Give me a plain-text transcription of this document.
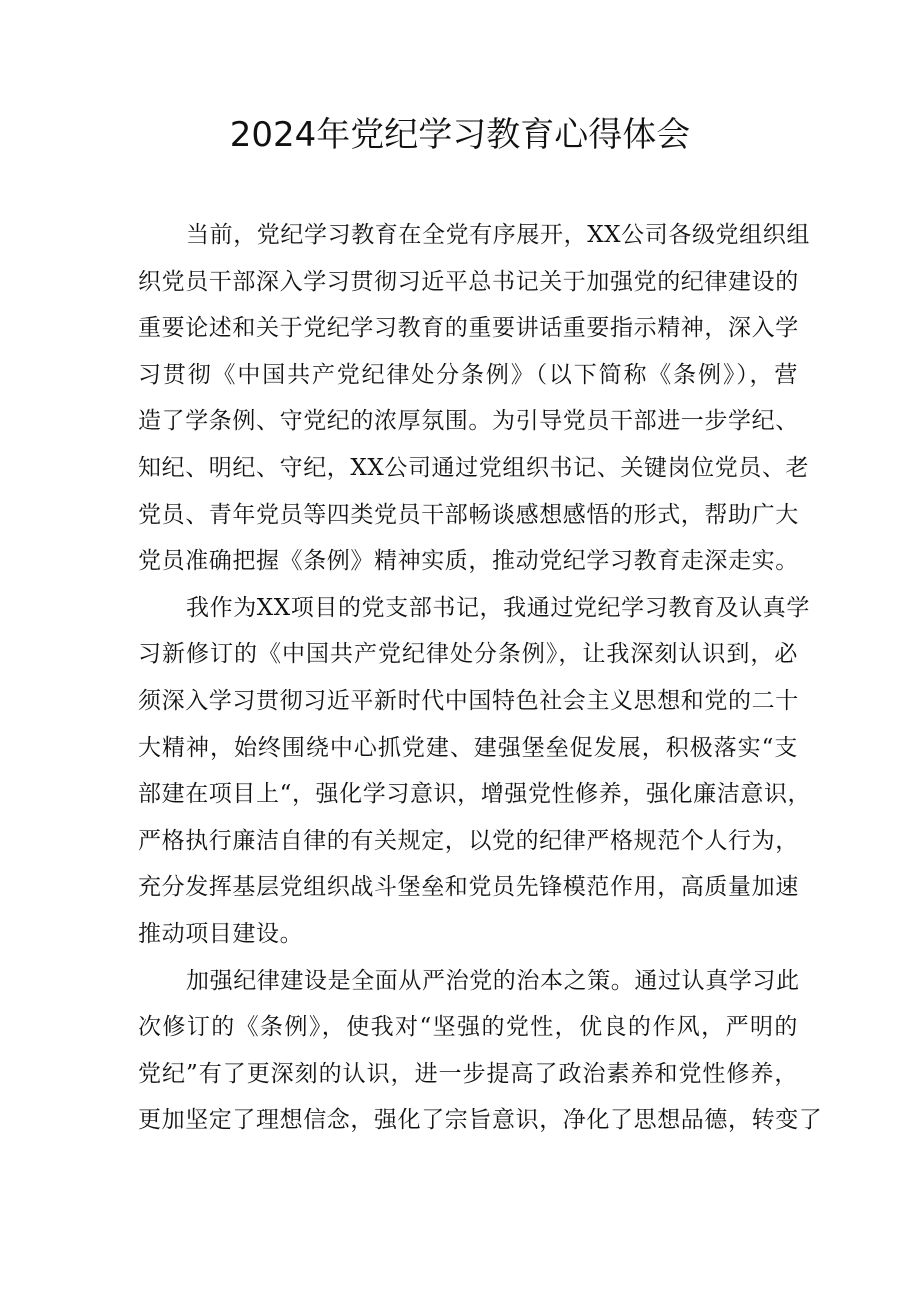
2024年党纪学习教育心得体会
当前，党纪学习教育在全党有序展开，XX公司各级党组织组
织党员干部深入学习贯彻习近平总书记关于加强党的纪律建设的
重要论述和关于党纪学习教育的重要讲话重要指示精神，深入学
习贯彻《中国共产党纪律处分条例》（以下简称《条例》），营
造了学条例、守党纪的浓厚氛围。为引导党员干部进一步学纪、
知纪、明纪、守纪，XX公司通过党组织书记、关键岗位党员、老
党员、青年党员等四类党员干部畅谈感想感悟的形式，帮助广大
党员准确把握《条例》精神实质，推动党纪学习教育走深走实。
我作为XX项目的党支部书记，我通过党纪学习教育及认真学
习新修订的《中国共产党纪律处分条例》，让我深刻认识到，必
须深入学习贯彻习近平新时代中国特色社会主义思想和党的二十
大精神，始终围绕中心抓党建、建强堡垒促发展，积极落实“支
部建在项目上“，强化学习意识，增强党性修养，强化廉洁意识，
严格执行廉洁自律的有关规定，以党的纪律严格规范个人行为，
充分发挥基层党组织战斗堡垒和党员先锋模范作用，高质量加速
推动项目建设。
加强纪律建设是全面从严治党的治本之策。通过认真学习此
次修订的《条例》，使我对“坚强的党性，优良的作风，严明的
党纪”有了更深刻的认识，进一步提高了政治素养和党性修养，
更加坚定了理想信念，强化了宗旨意识，净化了思想品德，转变了
